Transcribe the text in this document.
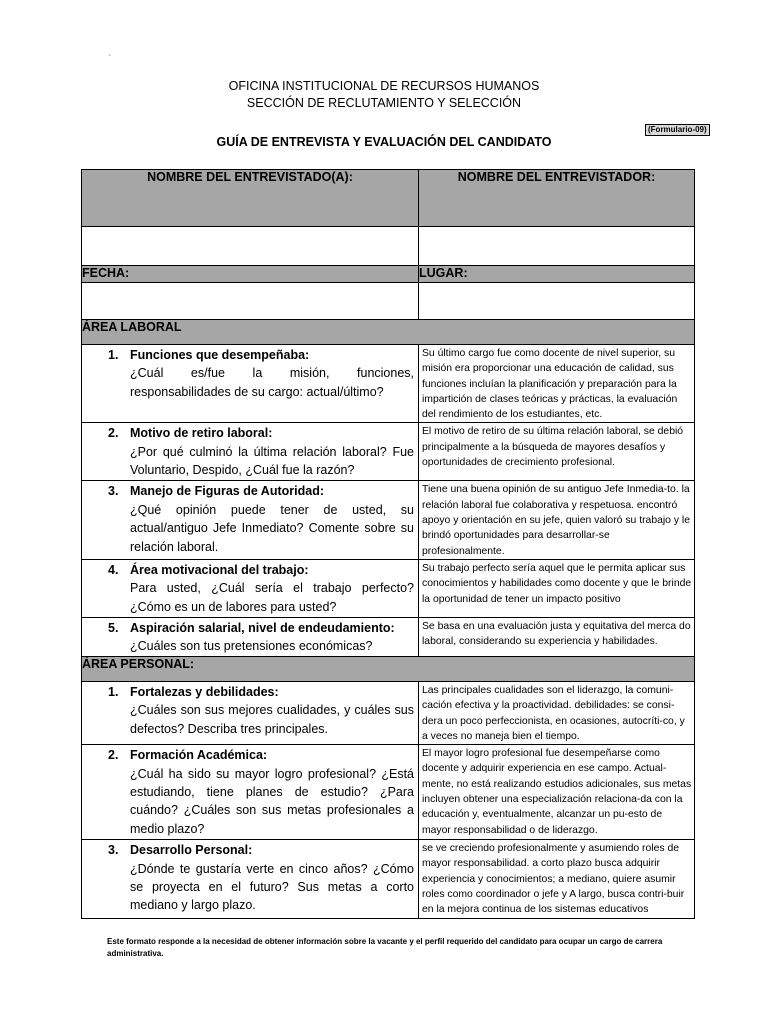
`
OFICINA INSTITUCIONAL DE RECURSOS HUMANOS
SECCIÓN DE RECLUTAMIENTO Y SELECCIÓN
(Formulario-09)
GUÍA DE ENTREVISTA Y EVALUACIÓN DEL CANDIDATO
NOMBRE DEL ENTREVISTADO(A):	NOMBRE DEL ENTREVISTADOR:

FECHA:	LUGAR:

ÁREA LABORAL	
1. Funciones que desempeñaba:
¿Cuál es/fue la misión, funciones, responsabilidades de su cargo: actual/último?	Su último cargo fue como docente de nivel superior, su misión era proporcionar una educación de calidad, sus funciones incluían la planificación y preparación para la impartición de clases teóricas y prácticas, la evaluación del rendimiento de los estudiantes, etc.
2. Motivo de retiro laboral:
¿Por qué culminó la última relación laboral? Fue Voluntario, Despido, ¿Cuál fue la razón?	El motivo de retiro de su última relación laboral, se debió principalmente a la búsqueda de mayores desafíos y oportunidades de crecimiento profesional.
3. Manejo de Figuras de Autoridad:
¿Qué opinión puede tener de usted, su actual/antiguo Jefe Inmediato? Comente sobre su relación laboral.	Tiene una buena opinión de su antiguo Jefe Inmedia-to. la relación laboral fue colaborativa y respetuosa. encontró apoyo y orientación en su jefe, quien valoró su trabajo y le brindó oportunidades para desarrollar-se profesionalmente.
4. Área motivacional del trabajo:
Para usted, ¿Cuál sería el trabajo perfecto? ¿Cómo es un de labores para usted?	Su trabajo perfecto sería aquel que le permita aplicar sus conocimientos y habilidades como docente y que le brinde la oportunidad de tener un impacto positivo
5. Aspiración salarial, nivel de endeudamiento:
¿Cuáles son tus pretensiones económicas?	Se basa en una evaluación justa y equitativa del merca do laboral, considerando su experiencia y habilidades.
ÁREA PERSONAL:	
1. Fortalezas y debilidades:
¿Cuáles son sus mejores cualidades, y cuáles sus defectos? Describa tres principales.	Las principales cualidades son el liderazgo, la comuni-cación efectiva y la proactividad. debilidades: se consi-dera un poco perfeccionista, en ocasiones, autocríti-co, y a veces no maneja bien el tiempo.
2. Formación Académica:
¿Cuál ha sido su mayor logro profesional? ¿Está estudiando, tiene planes de estudio? ¿Para cuándo? ¿Cuáles son sus metas profesionales a medio plazo?	El mayor logro profesional fue desempeñarse como docente y adquirir experiencia en ese campo. Actual-mente, no está realizando estudios adicionales, sus metas incluyen obtener una especialización relaciona-da con la educación y, eventualmente, alcanzar un pu-esto de mayor responsabilidad o de liderazgo.
3. Desarrollo Personal:
¿Dónde te gustaría verte en cinco años? ¿Cómo se proyecta en el futuro? Sus metas a corto mediano y largo plazo.	se ve creciendo profesionalmente y asumiendo roles de mayor responsabilidad. a corto plazo busca adquirir experiencia y conocimientos; a mediano, quiere asumir roles como coordinador o jefe y A largo, busca contri-buir en la mejora continua de los sistemas educativos
Este formato responde a la necesidad de obtener información sobre la vacante y el perfil requerido del candidato para ocupar un cargo de carrera administrativa.
